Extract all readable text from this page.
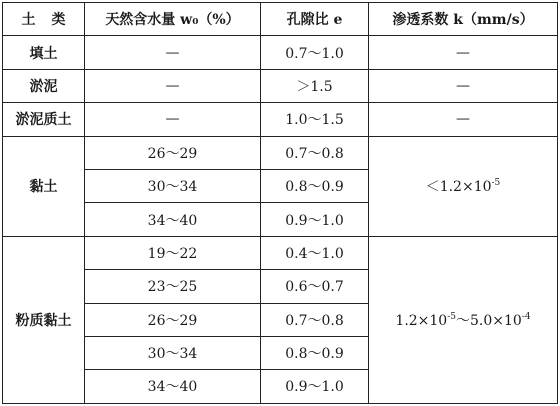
土 类	天然含水量 w₀（%）	孔隙比 e	渗透系数 k（mm/s）
填土	—	0.7～1.0	—
淤泥	—	＞1.5	—
淤泥质土	—	1.0～1.5	—
黏土	26～29	0.7～0.8	$<1.2\times 10^{-5}$
	30～34	0.8～0.9	
	34～40	0.9～1.0	
粉质黏土	19～22	0.4～1.0	$1.2\times 10^{-5}\sim 5.0\times 10^{-4}$
	23～25	0.6～0.7	
	26～29	0.7～0.8	
	30～34	0.8～0.9	
	34～40	0.9～1.0	
